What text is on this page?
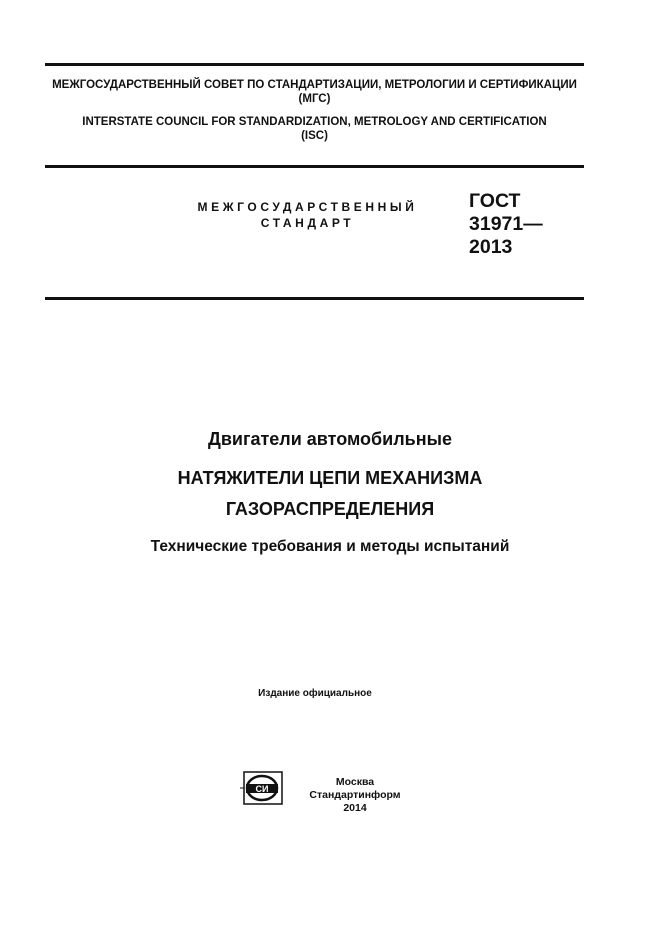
МЕЖГОСУДАРСТВЕННЫЙ СОВЕТ ПО СТАНДАРТИЗАЦИИ, МЕТРОЛОГИИ И СЕРТИФИКАЦИИ
(МГС)
INTERSTATE COUNCIL FOR STANDARDIZATION, METROLOGY AND CERTIFICATION
(ISC)
МЕЖГОСУДАРСТВЕННЫЙ
СТАНДАРТ
ГОСТ
31971—
2013
Двигатели автомобильные
НАТЯЖИТЕЛИ ЦЕПИ МЕХАНИЗМА
ГАЗОРАСПРЕДЕЛЕНИЯ
Технические требования и методы испытаний
Издание официальное
СИ
Москва
Стандартинформ
2014
